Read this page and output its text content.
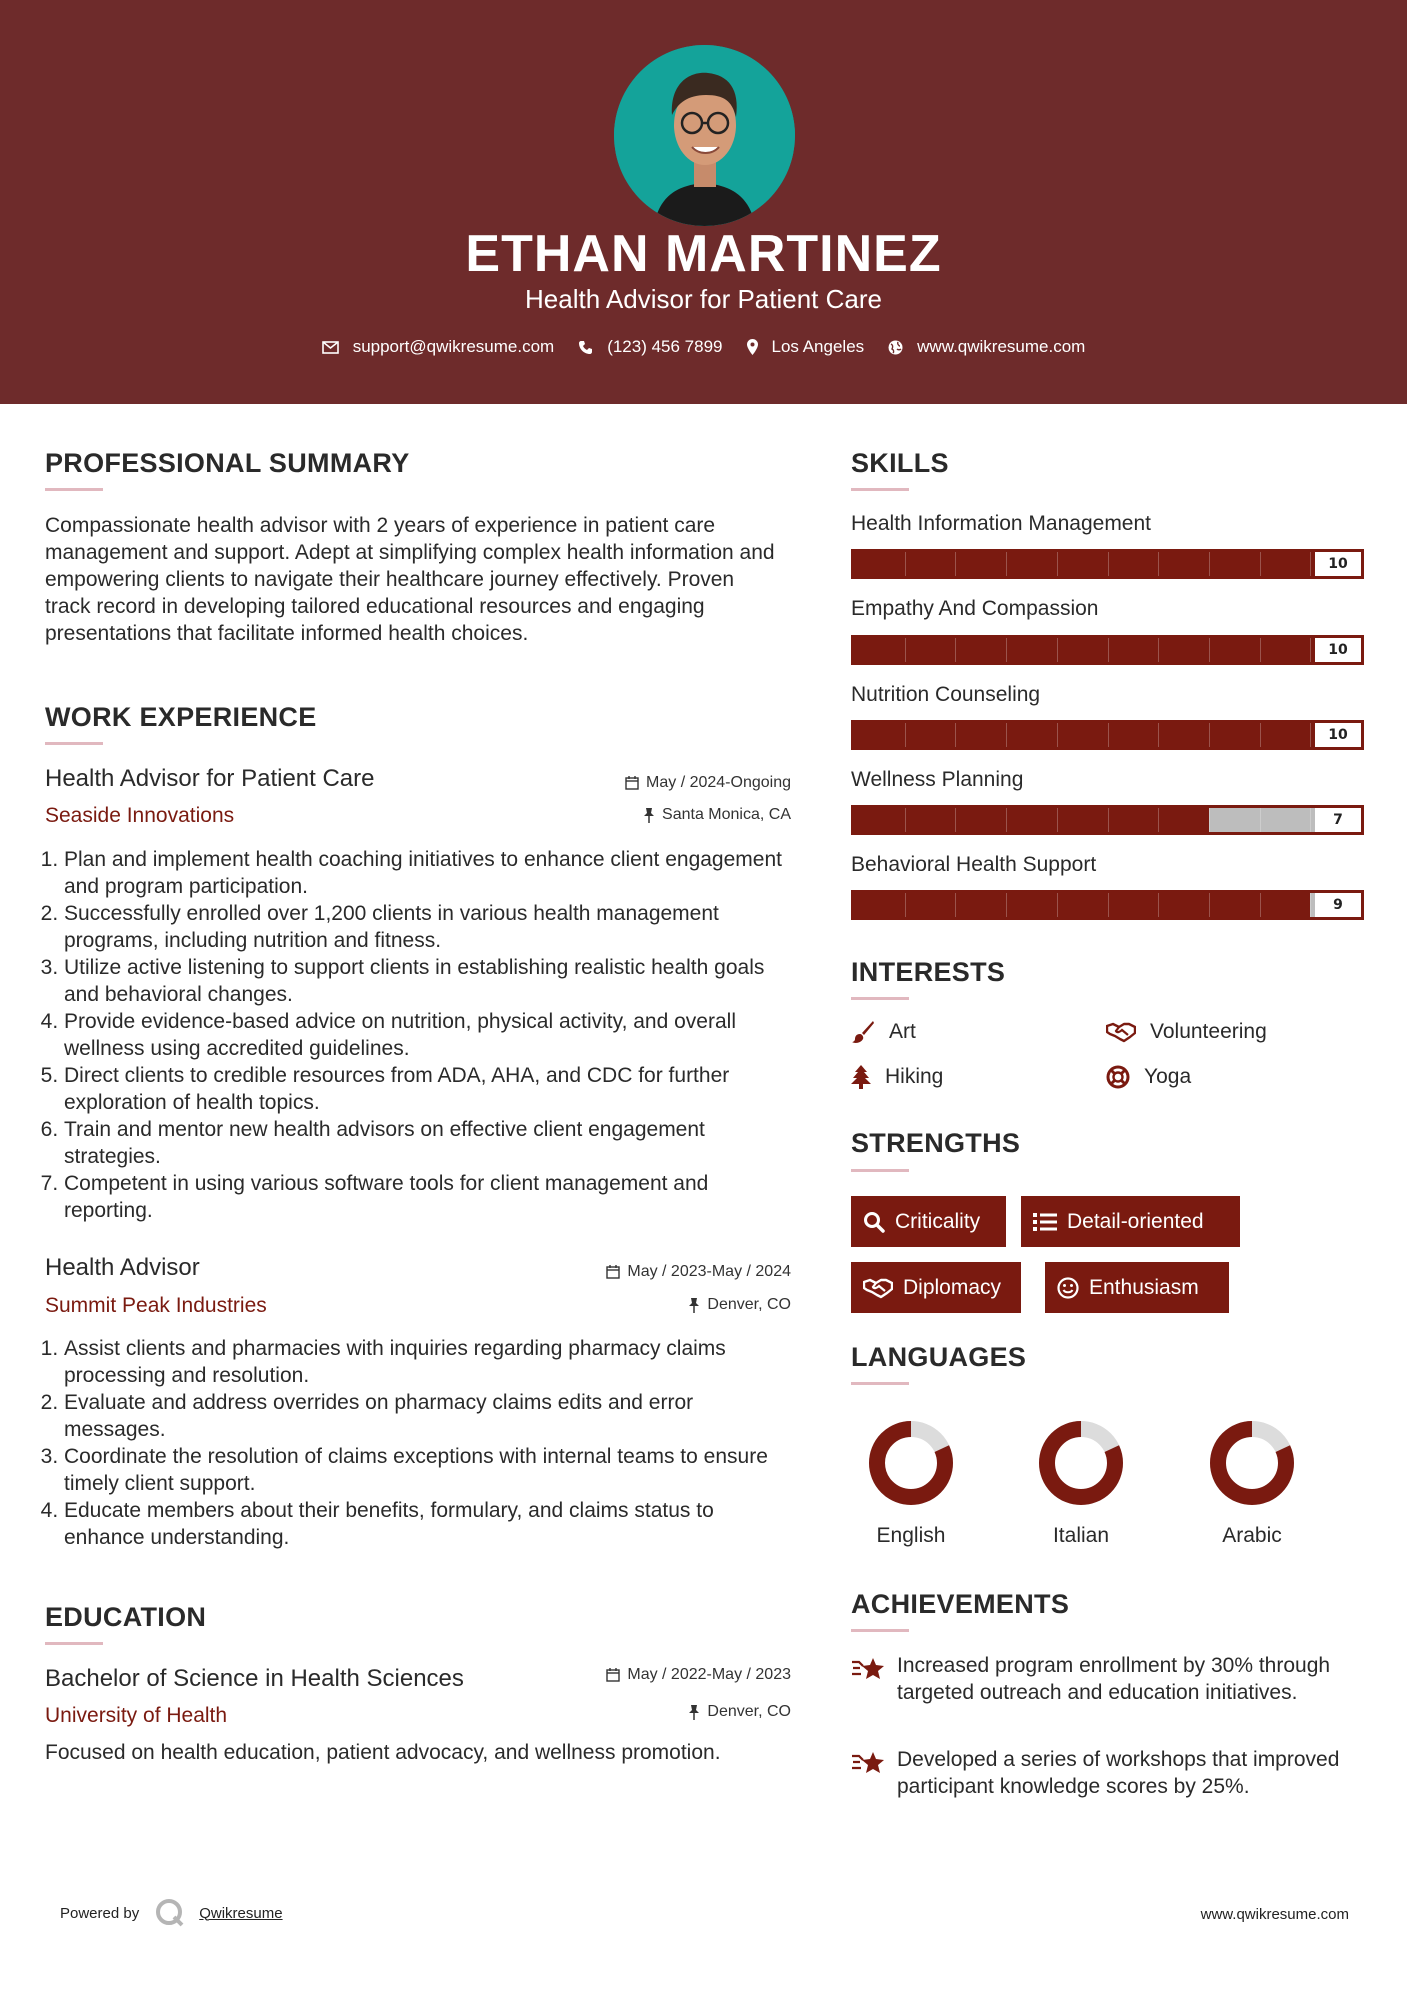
ETHAN MARTINEZ
Health Advisor for Patient Care
support@qwikresume.com	(123) 456 7899	Los Angeles	www.qwikresume.com
PROFESSIONAL SUMMARY
Compassionate health advisor with 2 years of experience in patient care management and support. Adept at simplifying complex health information and empowering clients to navigate their healthcare journey effectively. Proven track record in developing tailored educational resources and engaging presentations that facilitate informed health choices.
WORK EXPERIENCE
Health Advisor for Patient Care
Seaside Innovations
May / 2024-Ongoing
Santa Monica, CA
1. Plan and implement health coaching initiatives to enhance client engagement and program participation.
2. Successfully enrolled over 1,200 clients in various health management programs, including nutrition and fitness.
3. Utilize active listening to support clients in establishing realistic health goals and behavioral changes.
4. Provide evidence-based advice on nutrition, physical activity, and overall wellness using accredited guidelines.
5. Direct clients to credible resources from ADA, AHA, and CDC for further exploration of health topics.
6. Train and mentor new health advisors on effective client engagement strategies.
7. Competent in using various software tools for client management and reporting.
Health Advisor
Summit Peak Industries
May / 2023-May / 2024
Denver, CO
1. Assist clients and pharmacies with inquiries regarding pharmacy claims processing and resolution.
2. Evaluate and address overrides on pharmacy claims edits and error messages.
3. Coordinate the resolution of claims exceptions with internal teams to ensure timely client support.
4. Educate members about their benefits, formulary, and claims status to enhance understanding.
EDUCATION
Bachelor of Science in Health Sciences
University of Health
May / 2022-May / 2023
Denver, CO
Focused on health education, patient advocacy, and wellness promotion.
SKILLS
Health Information Management
10
Empathy And Compassion
10
Nutrition Counseling
10
Wellness Planning
7
Behavioral Health Support
9
INTERESTS
Art	Volunteering
Hiking	Yoga
STRENGTHS
Criticality	Detail-oriented
Diplomacy	Enthusiasm
LANGUAGES
English	Italian	Arabic
ACHIEVEMENTS
Increased program enrollment by 30% through targeted outreach and education initiatives.
Developed a series of workshops that improved participant knowledge scores by 25%.
Powered by	Qwikresume	www.qwikresume.com
